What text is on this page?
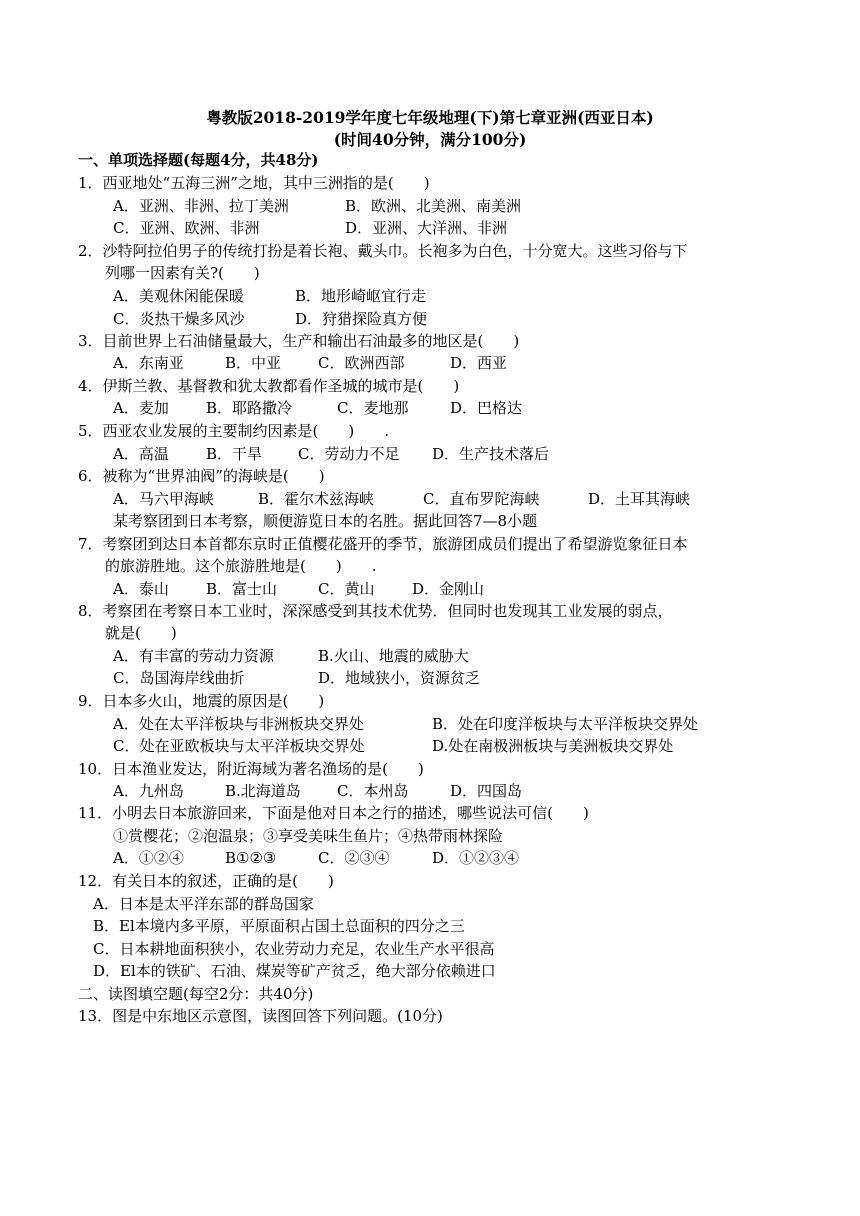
粤教版2018-2019学年度七年级地理(下)第七章亚洲(西亚日本)
(时间40分钟，满分100分)
一、单项选择题(每题4分，共48分)
1．西亚地处“五海三洲”之地，其中三洲指的是(　　)
A．亚洲、非洲、拉丁美洲	B．欧洲、北美洲、南美洲
C．亚洲、欧洲、非洲	D．亚洲、大洋洲、非洲
2．沙特阿拉伯男子的传统打扮是着长袍、戴头巾。长袍多为白色，十分宽大。这些习俗与下
列哪一因素有关?(　　)
A．美观休闲能保暖	B．地形崎岖宜行走
C．炎热干燥多风沙	D．狩猎探险真方便
3．目前世界上石油储量最大，生产和输出石油最多的地区是(　　)
A．东南亚	B．中亚 C．欧洲西部	D．西亚
4．伊斯兰教、基督教和犹太教都看作圣城的城市是(　　)
A．麦加 B．耶路撒冷	C．麦地那	D．巴格达
5．西亚农业发展的主要制约因素是(　　)　　.
A．高温 B．干旱 C．劳动力不足 D．生产技术落后
6．被称为“世界油阀”的海峡是(　　)
A．马六甲海峡	B．霍尔术兹海峡	C．直布罗陀海峡	D．土耳其海峡
某考察团到日本考察，顺便游览日本的名胜。据此回答7—8小题
7．考察团到达日本首都东京时正值樱花盛开的季节，旅游团成员们提出了希望游览象征日本
的旅游胜地。这个旅游胜地是(　　)　　.
A．泰山 B．富士山	C．黄山	D．金刚山
8．考察团在考察日本工业时，深深感受到其技术优势．但同时也发现其工业发展的弱点，
就是(　　)
A．有丰富的劳动力资源	B.火山、地震的威胁大
C．岛国海岸线曲折	D．地域狭小，资源贫乏
9．日本多火山，地震的原因是(　　)
A．处在太平洋板块与非洲板块交界处	B．处在印度洋板块与太平洋板块交界处
C．处在亚欧板块与太平洋板块交界处	D.处在南极洲板块与美洲板块交界处
10．日本渔业发达，附近海域为著名渔场的是(　　)
A．九州岛	B.北海道岛 C．本州岛	D．四国岛
11．小明去日本旅游回来，下面是他对日本之行的描述，哪些说法可信(　　)
①赏樱花；②泡温泉；③享受美味生鱼片；④热带雨林探险
A．①②④	B①②③	C．②③④	D．①②③④
12．有关日本的叙述，正确的是(　　)
A．日本是太平洋东部的群岛国家
B．El本境内多平原，平原面积占国土总面积的四分之三
C．日本耕地面积狭小，农业劳动力充足，农业生产水平很高
D．El本的铁矿、石油、煤炭等矿产贫乏，绝大部分依赖进口
二、读图填空题(每空2分：共40分)
13．图是中东地区示意图，读图回答下列问题。(10分)
